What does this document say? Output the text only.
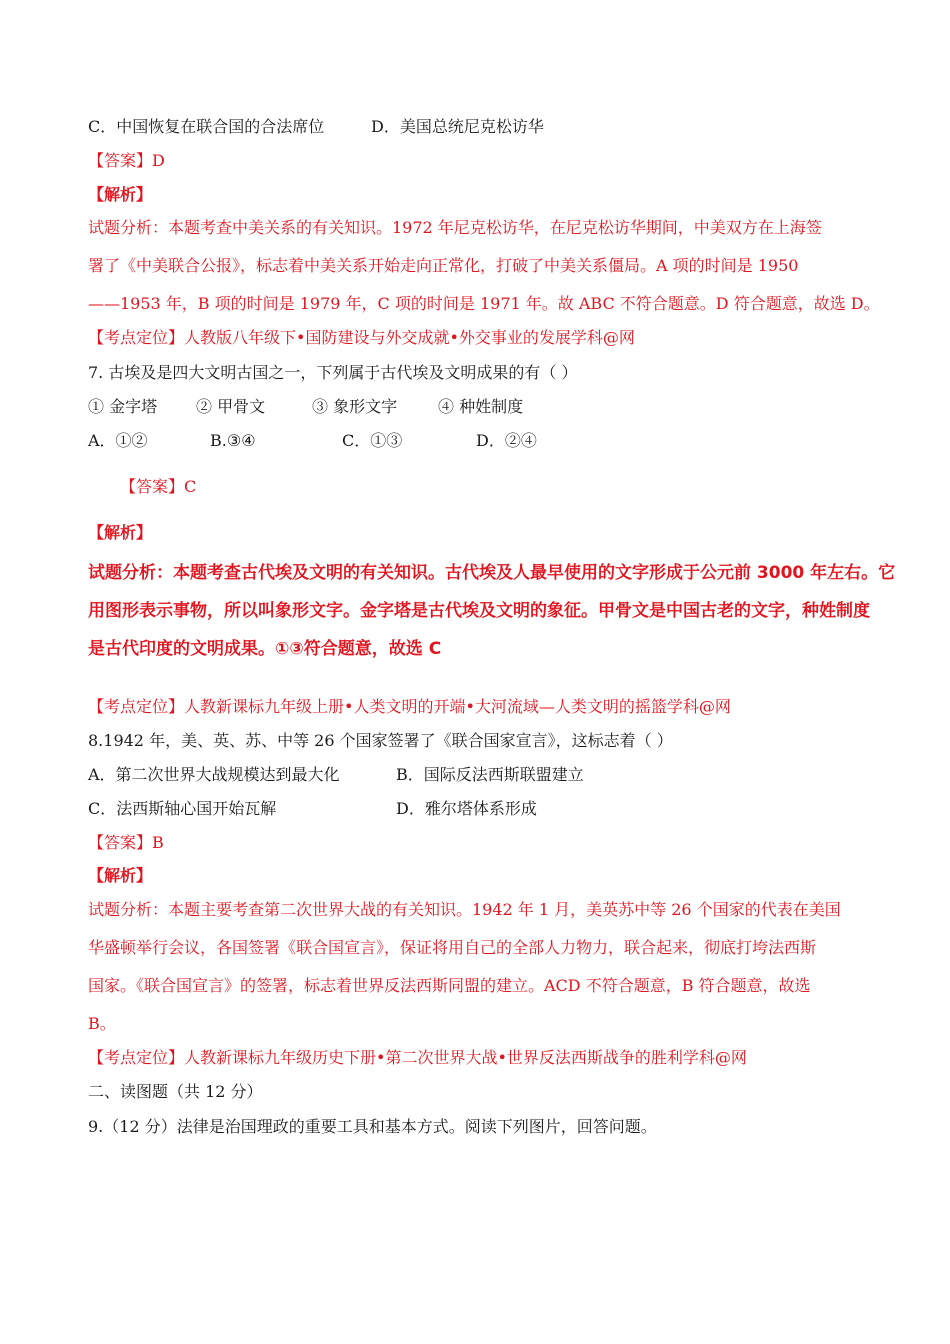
C．中国恢复在联合国的合法席位	D．美国总统尼克松访华
【答案】D
【解析】
试题分析：本题考查中美关系的有关知识。1972 年尼克松访华，在尼克松访华期间，中美双方在上海签
署了《中美联合公报》，标志着中美关系开始走向正常化，打破了中美关系僵局。A 项的时间是 1950
——1953 年，B 项的时间是 1979 年，C 项的时间是 1971 年。故 ABC 不符合题意。D 符合题意，故选 D。
【考点定位】人教版八年级下•国防建设与外交成就•外交事业的发展学科@网
7. 古埃及是四大文明古国之一，下列属于古代埃及文明成果的有（ ）
① 金字塔 ② 甲骨文	③ 象形文字	④ 种姓制度
A．①②	B.③④	C．①③	D．②④
【答案】C
【解析】
试题分析：本题考查古代埃及文明的有关知识。古代埃及人最早使用的文字形成于公元前 3000 年左右。它
用图形表示事物，所以叫象形文字。金字塔是古代埃及文明的象征。甲骨文是中国古老的文字，种姓制度
是古代印度的文明成果。①③符合题意，故选 C
【考点定位】人教新课标九年级上册•人类文明的开端•大河流域—人类文明的摇篮学科@网
8.1942 年，美、英、苏、中等 26 个国家签署了《联合国家宣言》，这标志着（ ）
A．第二次世界大战规模达到最大化	B．国际反法西斯联盟建立
C．法西斯轴心国开始瓦解	D．雅尔塔体系形成
【答案】B
【解析】
试题分析：本题主要考查第二次世界大战的有关知识。1942 年 1 月，美英苏中等 26 个国家的代表在美国
华盛顿举行会议，各国签署《联合国宣言》，保证将用自己的全部人力物力，联合起来，彻底打垮法西斯
国家。《联合国宣言》的签署，标志着世界反法西斯同盟的建立。ACD 不符合题意，B 符合题意，故选
B。
【考点定位】人教新课标九年级历史下册•第二次世界大战•世界反法西斯战争的胜利学科@网
二、读图题（共 12 分）
9.（12 分）法律是治国理政的重要工具和基本方式。阅读下列图片，回答问题。
